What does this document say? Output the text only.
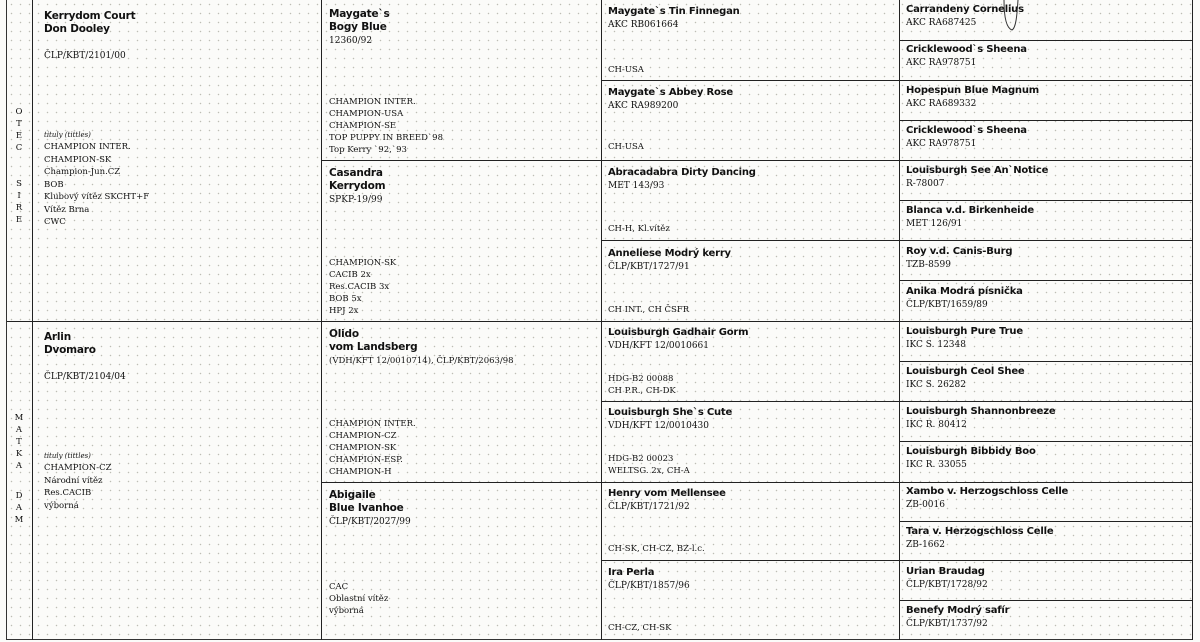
O
T
E
C
S
I
R
E
M
A
T
K
A
D
A
M
Kerrydom Court
Don Dooley
ČLP/KBT/2101/00
tituly (tittles)
CHAMPION INTER.
CHAMPION-SK
Champion-Jun.CZ
BOB
Klubový vítěz SKCHT+F
Vítěz Brna
CWC
Arlin
Dvomaro
ČLP/KBT/2104/04
tituly (tittles)
CHAMPION-CZ
Národní vítěz
Res.CACIB
výborná
Maygate`s
Bogy Blue
12360/92
CHAMPION INTER.
CHAMPION-USA
CHAMPION-SE
TOP PUPPY IN BREED`98
Top Kerry `92,`93
Casandra
Kerrydom
SPKP-19/99
CHAMPION-SK
CACIB 2x
Res.CACIB 3x
BOB 5x
HPJ 2x
Olido
vom Landsberg
(VDH/KFT 12/0010714), ČLP/KBT/2063/98
CHAMPION INTER.
CHAMPION-CZ
CHAMPION-SK
CHAMPION-ESP.
CHAMPION-H
Abigaile
Blue Ivanhoe
ČLP/KBT/2027/99
CAC
Oblastní vítěz
výborná
Maygate`s Tin Finnegan
AKC RB061664
CH-USA
Maygate`s Abbey Rose
AKC RA989200
CH-USA
Abracadabra Dirty Dancing
MET 143/93
CH-H, Kl.vítěz
Anneliese Modrý kerry
ČLP/KBT/1727/91
CH INT., CH ČSFR
Louisburgh Gadhair Gorm
VDH/KFT 12/0010661
HDG-B2 00088
CH P.R., CH-DK
Louisburgh She`s Cute
VDH/KFT 12/0010430
HDG-B2 00023
WELTSG. 2x, CH-A
Henry vom Mellensee
ČLP/KBT/1721/92
CH-SK, CH-CZ, BZ-l.c.
Ira Perla
ČLP/KBT/1857/96
CH-CZ, CH-SK
Carrandeny Cornelius
AKC RA687425
Cricklewood`s Sheena
AKC RA978751
Hopespun Blue Magnum
AKC RA689332
Cricklewood`s Sheena
AKC RA978751
Louisburgh See An`Notice
R-78007
Blanca v.d. Birkenheide
MET 126/91
Roy v.d. Canis-Burg
TZB-8599
Anika Modrá písnička
ČLP/KBT/1659/89
Louisburgh Pure True
IKC S. 12348
Louisburgh Ceol Shee
IKC S. 26282
Louisburgh Shannonbreeze
IKC R. 80412
Louisburgh Bibbidy Boo
IKC R. 33055
Xambo v. Herzogschloss Celle
ZB-0016
Tara v. Herzogschloss Celle
ZB-1662
Urian Braudag
ČLP/KBT/1728/92
Benefy Modrý safír
ČLP/KBT/1737/92
